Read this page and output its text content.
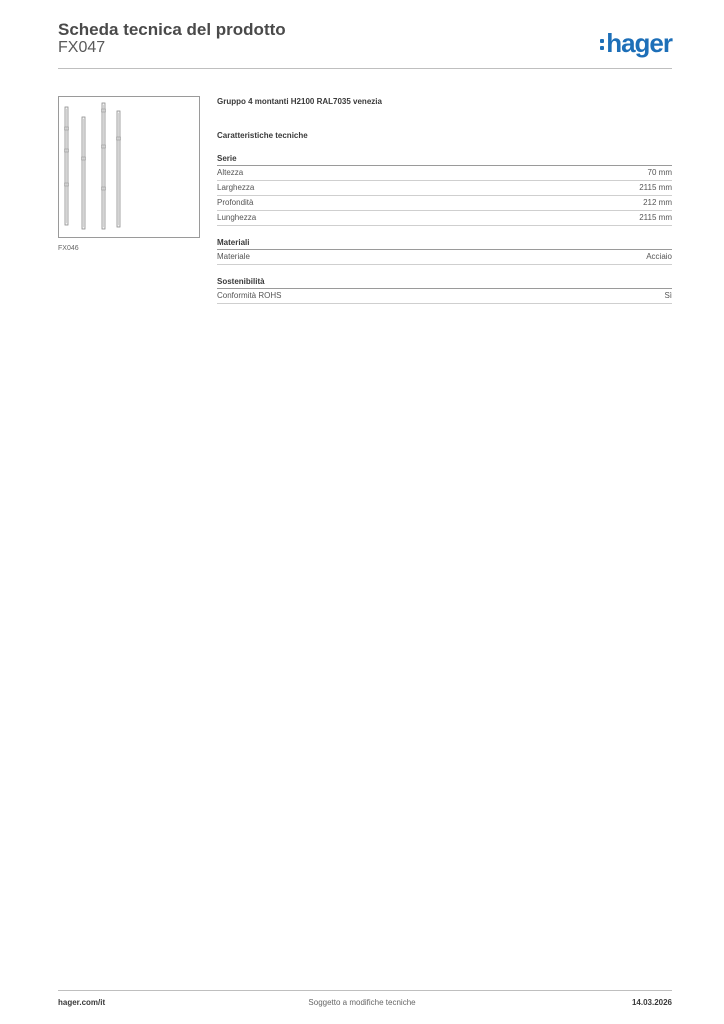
Scheda tecnica del prodotto
FX047	hager
FX046
Gruppo 4 montanti H2100 RAL7035 venezia
Caratteristiche tecniche
Serie
Altezza	70 mm
Larghezza	2115 mm
Profondità	212 mm
Lunghezza	2115 mm
Materiali
Materiale	Acciaio
Sostenibilità
Conformità ROHS	Sì
hager.com/it	Soggetto a modifiche tecniche	14.03.2026
